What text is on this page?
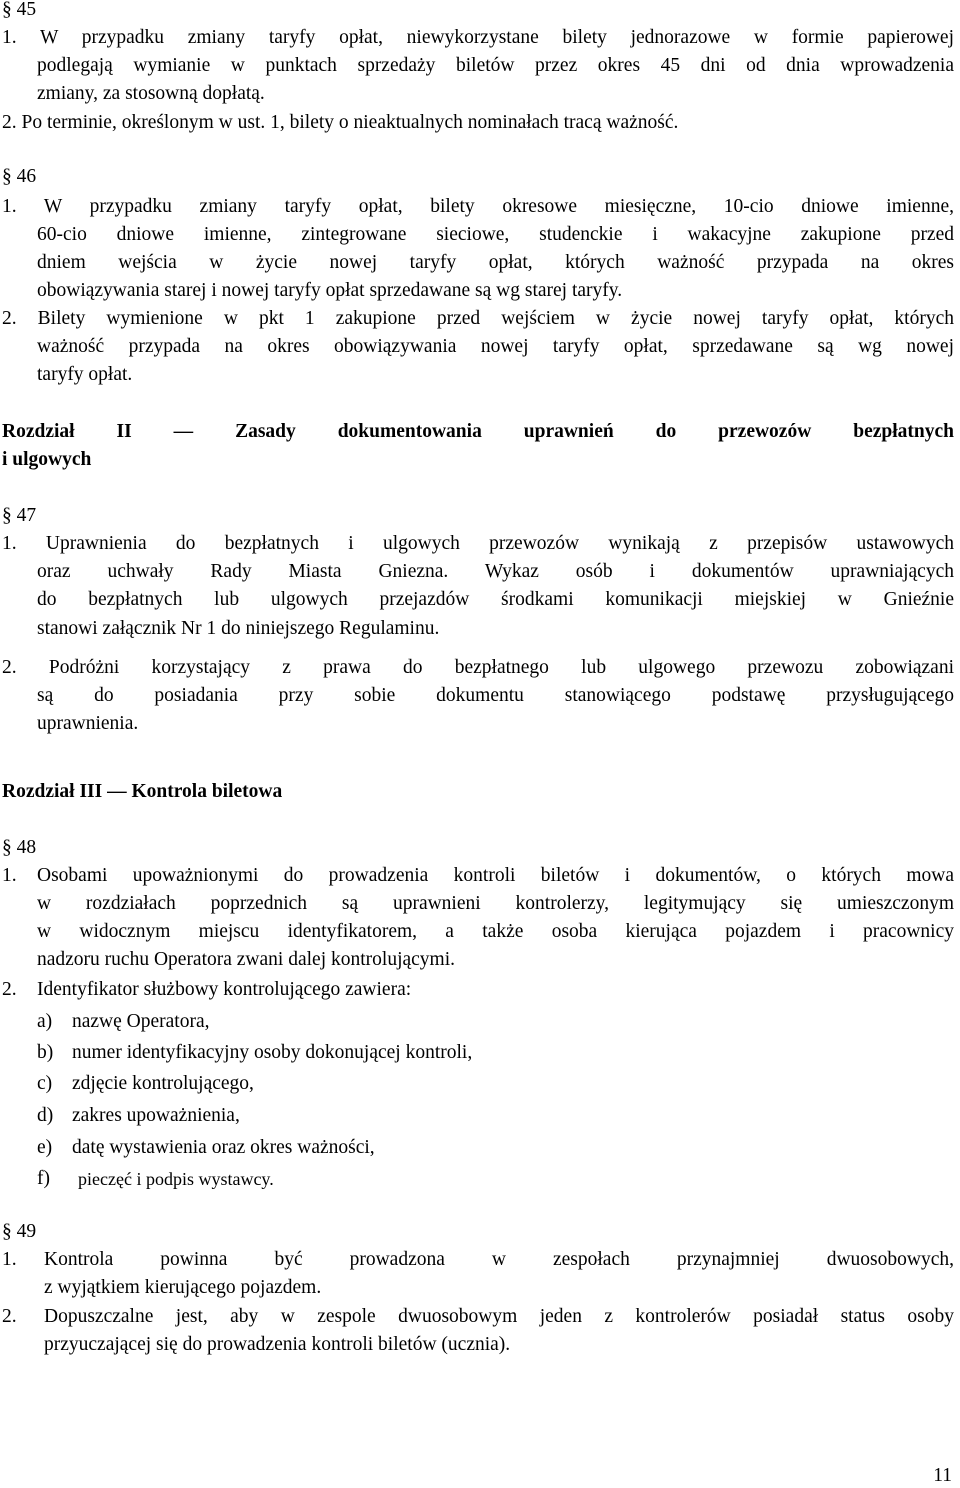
§ 45
1. W przypadku zmiany taryfy opłat, niewykorzystane bilety jednorazowe w formie papierowej
podlegają wymianie w punktach sprzedaży biletów przez okres 45 dni od dnia wprowadzenia
zmiany, za stosowną dopłatą.
2. Po terminie, określonym w ust. 1, bilety o nieaktualnych nominałach tracą ważność.
§ 46
1. W przypadku zmiany taryfy opłat, bilety okresowe miesięczne, 10-cio dniowe imienne,
60-cio dniowe imienne, zintegrowane sieciowe, studenckie i wakacyjne zakupione przed
dniem wejścia w życie nowej taryfy opłat, których ważność przypada na okres
obowiązywania starej i nowej taryfy opłat sprzedawane są wg starej taryfy.
2. Bilety wymienione w pkt 1 zakupione przed wejściem w życie nowej taryfy opłat, których
ważność przypada na okres obowiązywania nowej taryfy opłat, sprzedawane są wg nowej
taryfy opłat.
Rozdział II — Zasady dokumentowania uprawnień do przewozów bezpłatnych
i ulgowych
§ 47
1. Uprawnienia do bezpłatnych i ulgowych przewozów wynikają z przepisów ustawowych
oraz uchwały Rady Miasta Gniezna. Wykaz osób i dokumentów uprawniających
do bezpłatnych lub ulgowych przejazdów środkami komunikacji miejskiej w Gnieźnie
stanowi załącznik Nr 1 do niniejszego Regulaminu.
2. Podróżni korzystający z prawa do bezpłatnego lub ulgowego przewozu zobowiązani
są do posiadania przy sobie dokumentu stanowiącego podstawę przysługującego
uprawnienia.
Rozdział III — Kontrola biletowa
§ 48
1. Osobami upoważnionymi do prowadzenia kontroli biletów i dokumentów, o których mowa
w rozdziałach poprzednich są uprawnieni kontrolerzy, legitymujący się umieszczonym
w widocznym miejscu identyfikatorem, a także osoba kierująca pojazdem i pracownicy
nadzoru ruchu Operatora zwani dalej kontrolującymi.
2. Identyfikator służbowy kontrolującego zawiera:
a) nazwę Operatora,
b) numer identyfikacyjny osoby dokonującej kontroli,
c) zdjęcie kontrolującego,
d) zakres upoważnienia,
e) datę wystawienia oraz okres ważności,
f) pieczęć i podpis wystawcy.
§ 49
1. Kontrola powinna być prowadzona w zespołach przynajmniej dwuosobowych,
z wyjątkiem kierującego pojazdem.
2. Dopuszczalne jest, aby w zespole dwuosobowym jeden z kontrolerów posiadał status osoby
przyuczającej się do prowadzenia kontroli biletów (ucznia).
11
